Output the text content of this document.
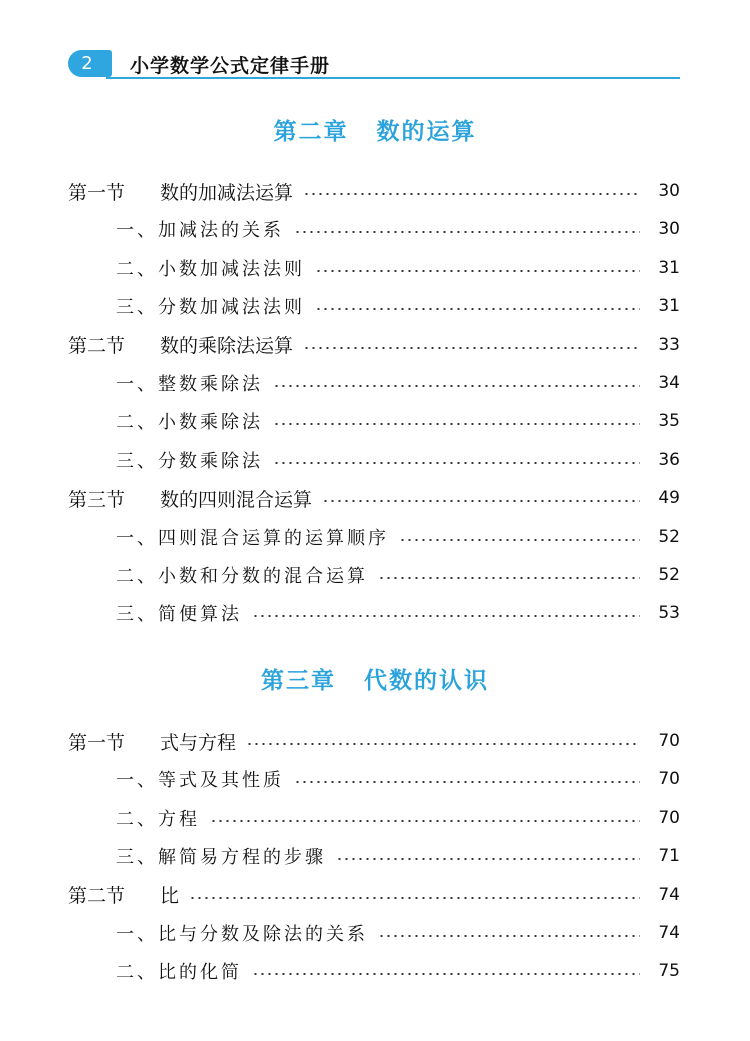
2	小学数学公式定律手册
第二章 数的运算
第一节 数的加减法运算	30
一、加减法的关系	30
二、小数加减法法则	31
三、分数加减法法则	31
第二节 数的乘除法运算	33
一、整数乘除法	34
二、小数乘除法	35
三、分数乘除法	36
第三节 数的四则混合运算	49
一、四则混合运算的运算顺序	52
二、小数和分数的混合运算	52
三、简便算法	53
第三章 代数的认识
第一节 式与方程	70
一、等式及其性质	70
二、方程	70
三、解简易方程的步骤	71
第二节 比	74
一、比与分数及除法的关系	74
二、比的化简	75
